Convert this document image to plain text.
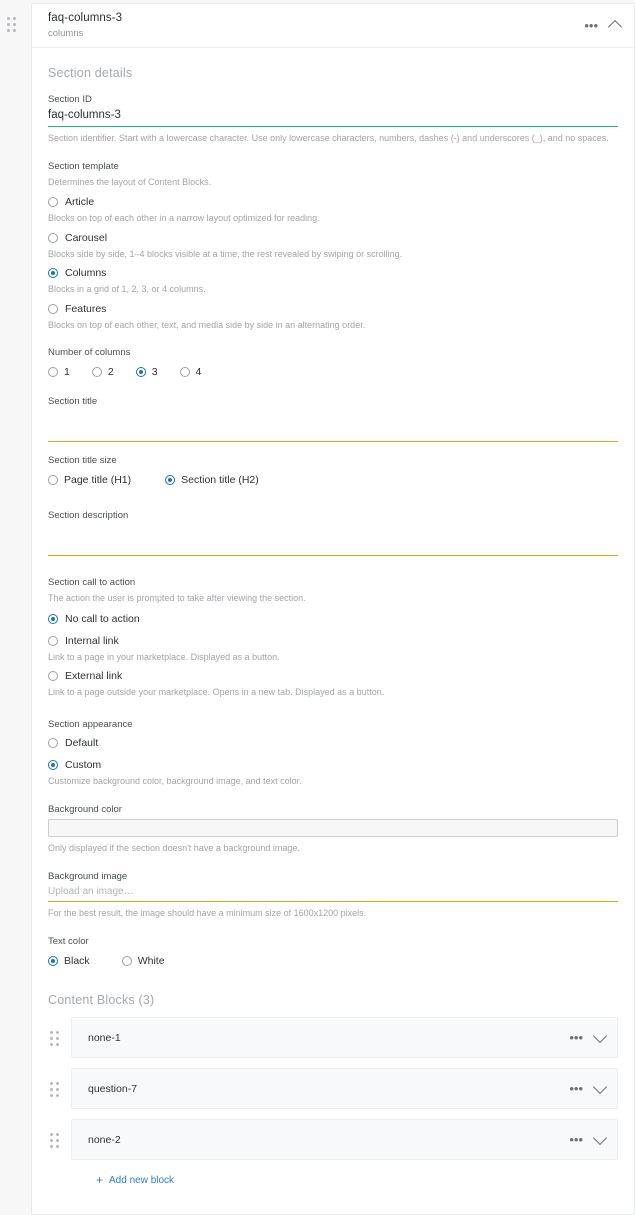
faq-columns-3
columns
•••
Section details
Section ID
faq-columns-3
Section identifier. Start with a lowercase character. Use only lowercase characters, numbers, dashes (-) and underscores (_), and no spaces.
Section template
Determines the layout of Content Blocks.
Article
Blocks on top of each other in a narrow layout optimized for reading.
Carousel
Blocks side by side, 1–4 blocks visible at a time, the rest revealed by swiping or scrolling.
Columns
Blocks in a grid of 1, 2, 3, or 4 columns.
Features
Blocks on top of each other, text, and media side by side in an alternating order.
Number of columns
1	2	3	4
Section title
Section title size
Page title (H1)	Section title (H2)
Section description
Section call to action
The action the user is prompted to take after viewing the section.
No call to action
Internal link
Link to a page in your marketplace. Displayed as a button.
External link
Link to a page outside your marketplace. Opens in a new tab. Displayed as a button.
Section appearance
Default
Custom
Customize background color, background image, and text color.
Background color
Only displayed if the section doesn't have a background image.
Background image
Upload an image…
For the best result, the image should have a minimum size of 1600x1200 pixels.
Text color
Black	White
Content Blocks (3)
none-1	•••
question-7	•••
none-2	•••
+ Add new block
